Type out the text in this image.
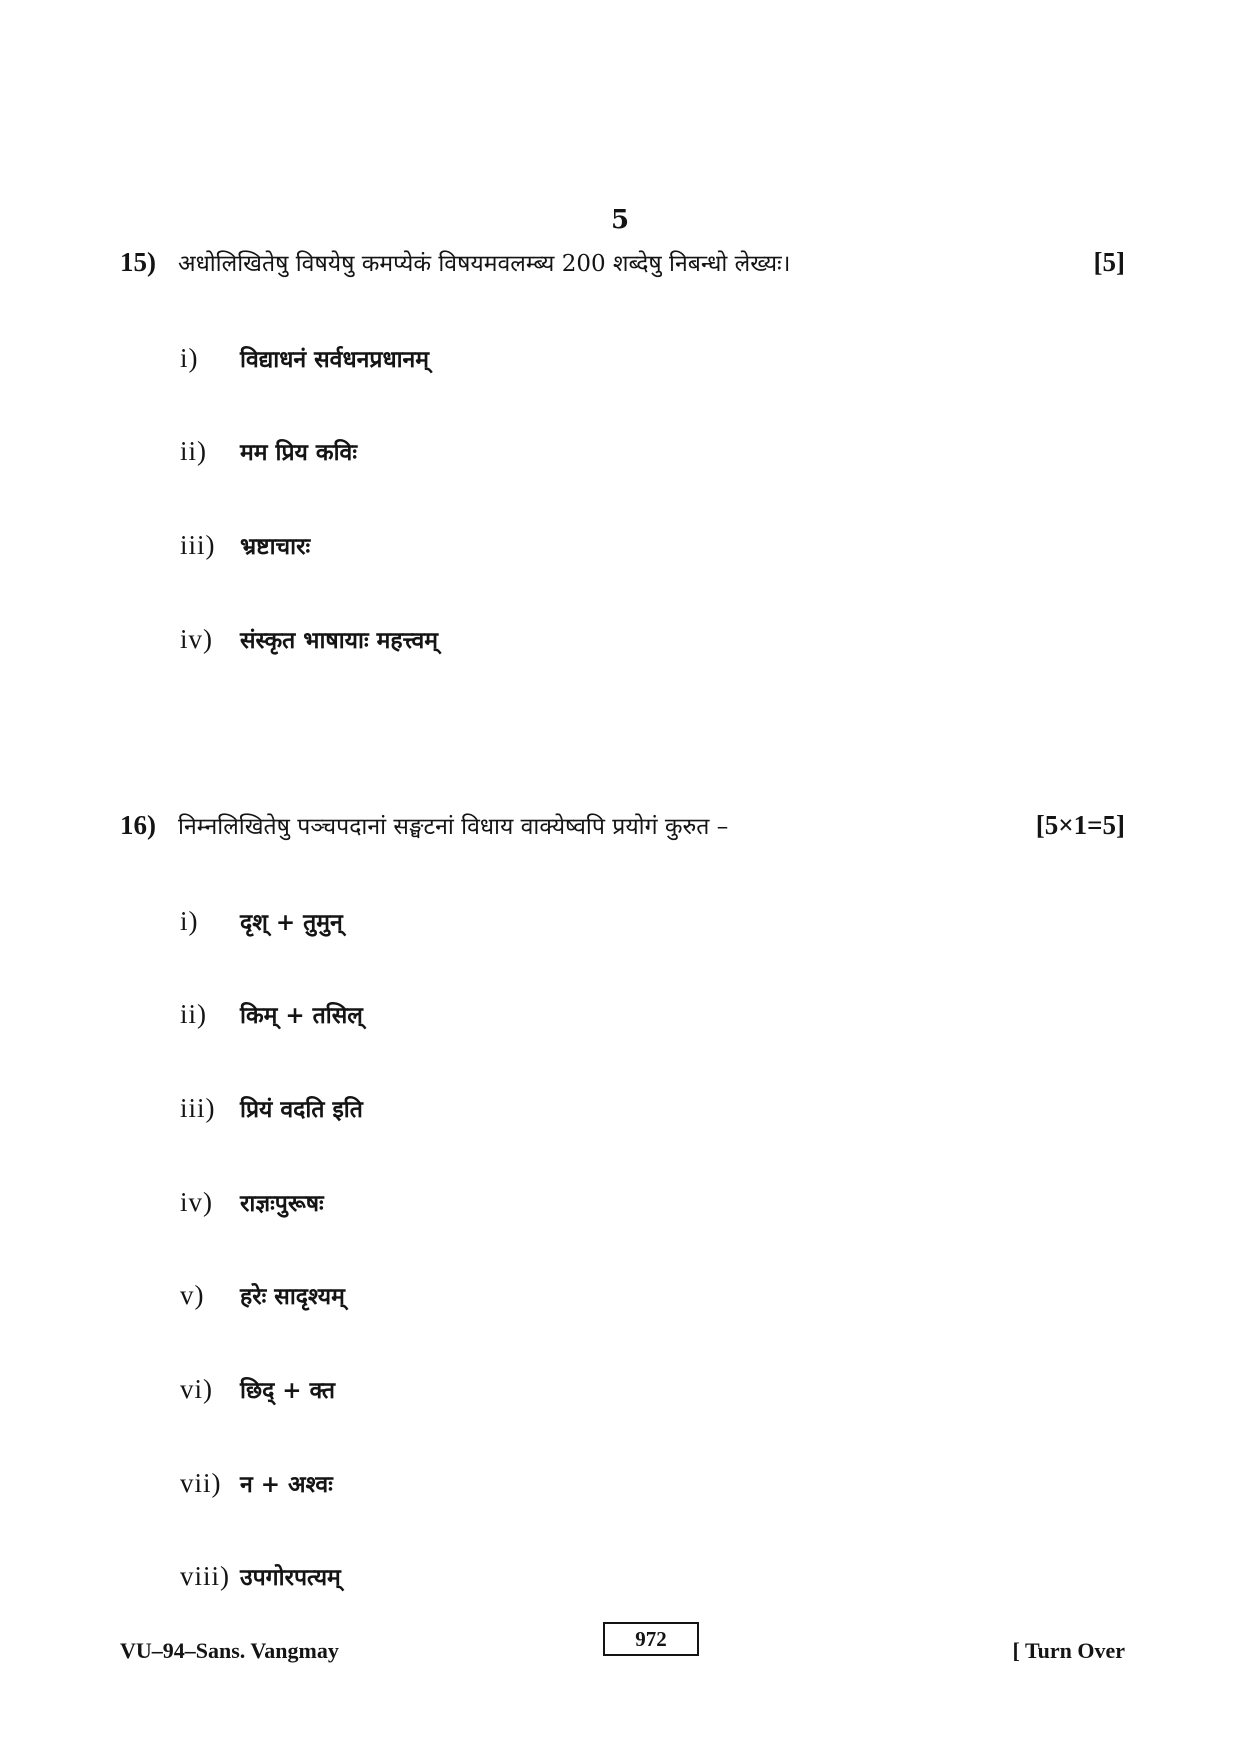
5
15) अधोलिखितेषु विषयेषु कमप्येकं विषयमवलम्ब्य 200 शब्देषु निबन्धो लेख्यः।	[5]
i)	विद्याधनं सर्वधनप्रधानम्
ii)	मम प्रिय कविः
iii)	भ्रष्टाचारः
iv)	संस्कृत भाषायाः महत्त्वम्
16) निम्नलिखितेषु पञ्चपदानां सङ्घटनां विधाय वाक्येष्वपि प्रयोगं कुरुत –	[5×1=5]
i)	दृश् + तुमुन्
ii)	किम् + तसिल्
iii)	प्रियं वदति इति
iv)	राज्ञःपुरूषः
v)	हरेः सादृश्यम्
vi)	छिद् + क्त
vii) न + अश्वः
viii) उपगोरपत्यम्
VU–94–Sans. Vangmay	972	[ Turn Over
